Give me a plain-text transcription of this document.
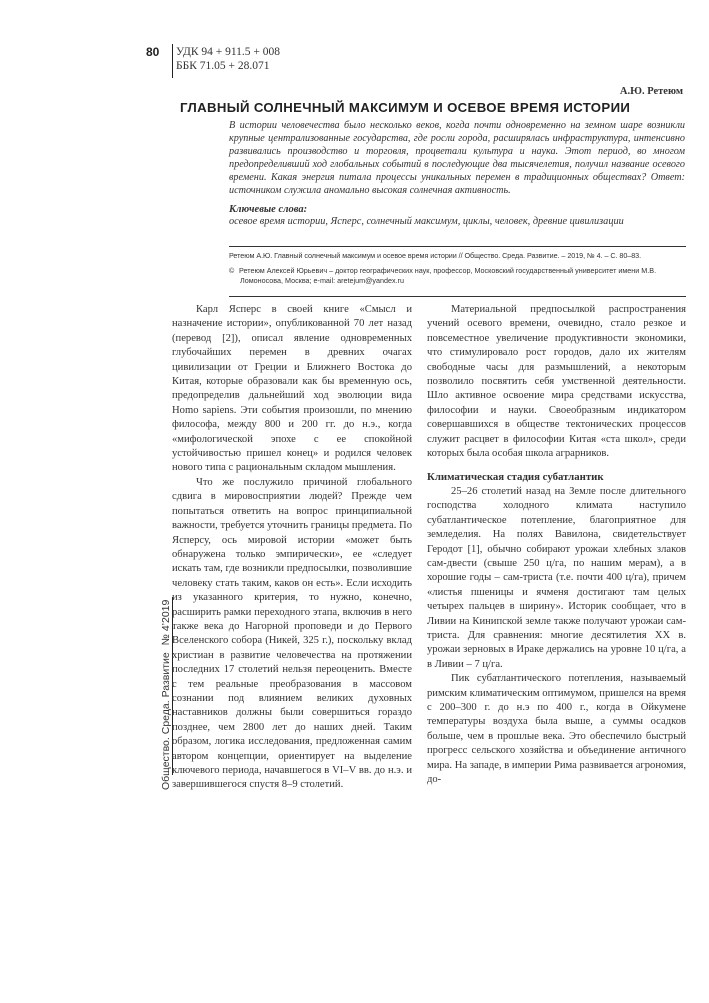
80 УДК 94 + 911.5 + 008
ББК 71.05 + 28.071
А.Ю. Ретеюм
ГЛАВНЫЙ СОЛНЕЧНЫЙ МАКСИМУМ И ОСЕВОЕ ВРЕМЯ ИСТОРИИ
В истории человечества было несколько веков, когда почти одновременно на земном шаре возникли крупные централизованные государства, где росли города, расширялась инфраструктура, интенсивно развивались производство и торговля, процветали культура и наука. Этот период, во многом предопределивший ход глобальных событий в последующие два тысячелетия, получил название осевого времени. Какая энергия питала процессы уникальных перемен в традиционных обществах? Ответ: источником служила аномально высокая солнечная активность.
Ключевые слова:
осевое время истории, Ясперс, солнечный максимум, циклы, человек, древние цивилизации
Ретеюм А.Ю. Главный солнечный максимум и осевое время истории // Общество. Среда. Развитие. – 2019, № 4. – С. 80–83.
© Ретеюм Алексей Юрьевич – доктор географических наук, профессор, Московский государственный университет имени М.В.
Ломоносова, Москва; e-mail: aretejum@yandex.ru
Общество. Среда. Развитие № 4’2019

Карл Ясперс в своей книге «Смысл и назначение истории», опубликованной 70 лет назад (перевод [2]), описал явление одновременных глубочайших перемен в древних очагах цивилизации от Греции и Ближнего Востока до Китая, которые образовали как бы временную ось, предопределив дальнейший ход эволюции вида Homo sapiens. Эти события произошли, по мнению философа, между 800 и 200 гг. до н.э., когда «мифологической эпохе с ее спокойной устойчивостью пришел конец» и родился человек нового типа с рациональным складом мышления.

Что же послужило причиной глобального сдвига в мировосприятии людей? Прежде чем попытаться ответить на вопрос принципиальной важности, требуется уточнить границы предмета. По Ясперсу, ось мировой истории «может быть обнаружена только эмпирически», ее «следует искать там, где возникли предпосылки, позволившие человеку стать таким, каков он есть». Если исходить из указанного критерия, то нужно, конечно, расширить рамки переходного этапа, включив в него также века до Нагорной проповеди и до Первого Вселенского собора (Никей, 325 г.), поскольку вклад христиан в развитие человечества на протяжении последних 17 столетий нельзя переоценить. Вместе с тем реальные преобразования в массовом сознании под влиянием великих духовных наставников должны были совершиться гораздо позднее, чем 2800 лет до наших дней. Таким образом, логика исследования, предложенная самим автором концепции, ориентирует на выделение ключевого периода, начавшегося в VI–V вв. до н.э. и завершившегося спустя 8–9 столетий.

Материальной предпосылкой распространения учений осевого времени, очевидно, стало резкое и повсеместное увеличение продуктивности экономики, что стимулировало рост городов, дало их жителям свободные часы для размышлений, а некоторым позволило посвятить себя умственной деятельности. Шло активное освоение мира средствами искусства, философии и науки. Своеобразным индикатором совершавшихся в обществе тектонических процессов служит расцвет в философии Китая «ста школ», среди которых была особая школа аграрников.

Климатическая стадия субатлантик

25–26 столетий назад на Земле после длительного господства холодного климата наступило субатлантическое потепление, благоприятное для земледелия. На полях Вавилона, свидетельствует Геродот [1], обычно собирают урожаи хлебных злаков сам-двести (свыше 250 ц/га, по нашим мерам), а в хорошие годы – сам-триста (т.е. почти 400 ц/га), причем «листья пшеницы и ячменя достигают там целых четырех пальцев в ширину». Историк сообщает, что в Ливии на Кинипской земле также получают урожаи сам-триста. Для сравнения: многие десятилетия XX в. урожаи зерновых в Ираке держались на уровне 10 ц/га, а в Ливии – 7 ц/га.

Пик субатлантического потепления, называемый римским климатическим оптимумом, пришелся на время с 200–300 г. до н.э по 400 г., когда в Ойкумене температуры воздуха была выше, а суммы осадков больше, чем в прошлые века. Это обеспечило быстрый прогресс сельского хозяйства и объединение античного мира. На западе, в империи Рима развивается агрономия, до-
